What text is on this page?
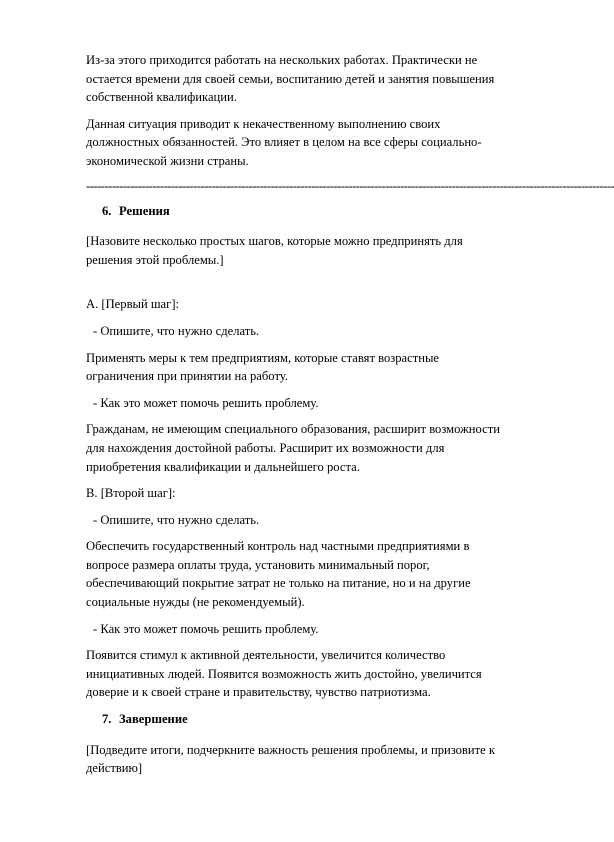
Из-за этого приходится работать на нескольких работах. Практически не
остается времени для своей семьи, воспитанию детей и занятия повышения
собственной квалификации.

Данная ситуация приводит к некачественному выполнению своих
должностных обязанностей. Это влияет в целом на все сферы социально-
экономической жизни страны.

-----------------------------------------------------------------------------------------------------------------------------------------------
6. Решения

[Назовите несколько простых шагов, которые можно предпринять для
решения этой проблемы.]

A. [Первый шаг]:

- Опишите, что нужно сделать.

Применять меры к тем предприятиям, которые ставят возрастные
ограничения при принятии на работу.

- Как это может помочь решить проблему.

Гражданам, не имеющим специального образования, расширит возможности
для нахождения достойной работы. Расширит их возможности для
приобретения квалификации и дальнейшего роста.

B. [Второй шаг]:

- Опишите, что нужно сделать.

Обеспечить государственный контроль над частными предприятиями в
вопросе размера оплаты труда, установить минимальный порог,
обеспечивающий покрытие затрат не только на питание, но и на другие
социальные нужды (не рекомендуемый).

- Как это может помочь решить проблему.

Появится стимул к активной деятельности, увеличится количество
инициативных людей. Появится возможность жить достойно, увеличится
доверие и к своей стране и правительству, чувство патриотизма.

7. Завершение

[Подведите итоги, подчеркните важность решения проблемы, и призовите к
действию]
